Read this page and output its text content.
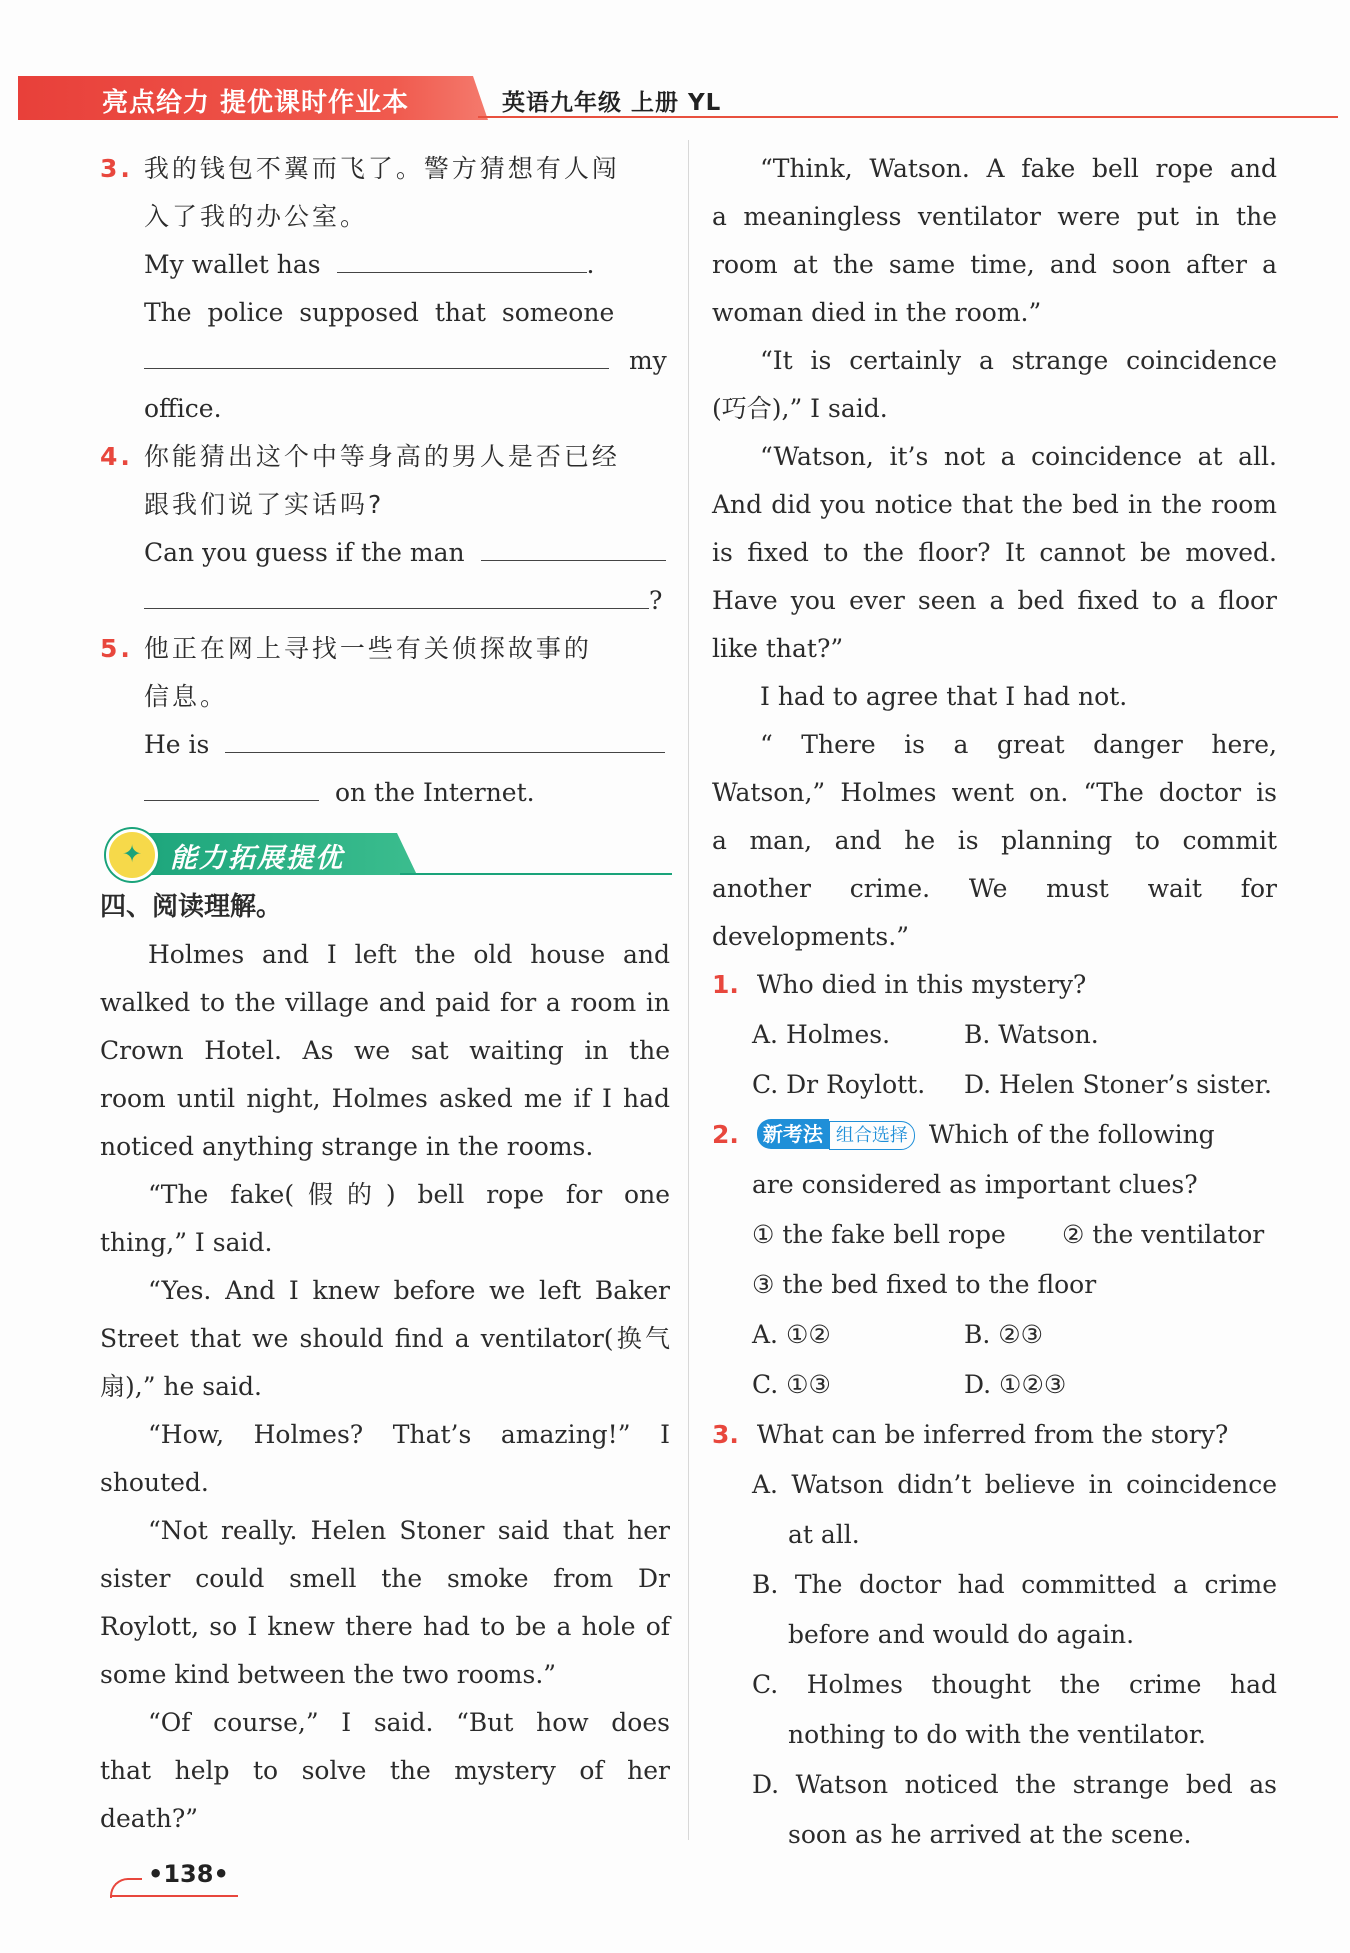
亮点给力 提优课时作业本	英语九年级 上册 YL
3. 我的钱包不翼而飞了。警方猜想有人闯
入了我的办公室。
My wallet has	.
The police supposed that someone
my
office.
4. 你能猜出这个中等身高的男人是否已经
跟我们说了实话吗?
Can you guess if the man
?
5. 他正在网上寻找一些有关侦探故事的
信息。
He is
on the Internet.
✦	能力拓展提优
四、阅读理解。
Holmes and I left the old house and
walked to the village and paid for a room in
Crown Hotel. As we sat waiting in the
room until night, Holmes asked me if I had
noticed anything strange in the rooms.
“The fake(假的) bell rope for one
thing,” I said.
“Yes. And I knew before we left Baker
Street that we should find a ventilator(换气
扇),” he said.
“How, Holmes? That’s amazing!” I
shouted.
“Not really. Helen Stoner said that her
sister could smell the smoke from Dr
Roylott, so I knew there had to be a hole of
some kind between the two rooms.”
“Of course,” I said. “But how does
that help to solve the mystery of her
death?”
“Think, Watson. A fake bell rope and
a meaningless ventilator were put in the
room at the same time, and soon after a
woman died in the room.”
“It is certainly a strange coincidence
(巧合),” I said.
“Watson, it’s not a coincidence at all.
And did you notice that the bed in the room
is fixed to the floor? It cannot be moved.
Have you ever seen a bed fixed to a floor
like that?”
I had to agree that I had not.
“ There is a great danger here,
Watson,” Holmes went on. “The doctor is
a man, and he is planning to commit
another crime. We must wait for
developments.”
1. Who died in this mystery?
A. Holmes.	B. Watson.
C. Dr Roylott. D. Helen Stoner’s sister.
2. 新考法 组合选择 Which of the following
are considered as important clues?
① the fake bell rope ② the ventilator
③ the bed fixed to the floor
A. ①②	B. ②③
C. ①③	D. ①②③
3. What can be inferred from the story?
A. Watson didn’t believe in coincidence
at all.
B. The doctor had committed a crime
before and would do again.
C. Holmes thought the crime had
nothing to do with the ventilator.
D. Watson noticed the strange bed as
soon as he arrived at the scene.
•138•
